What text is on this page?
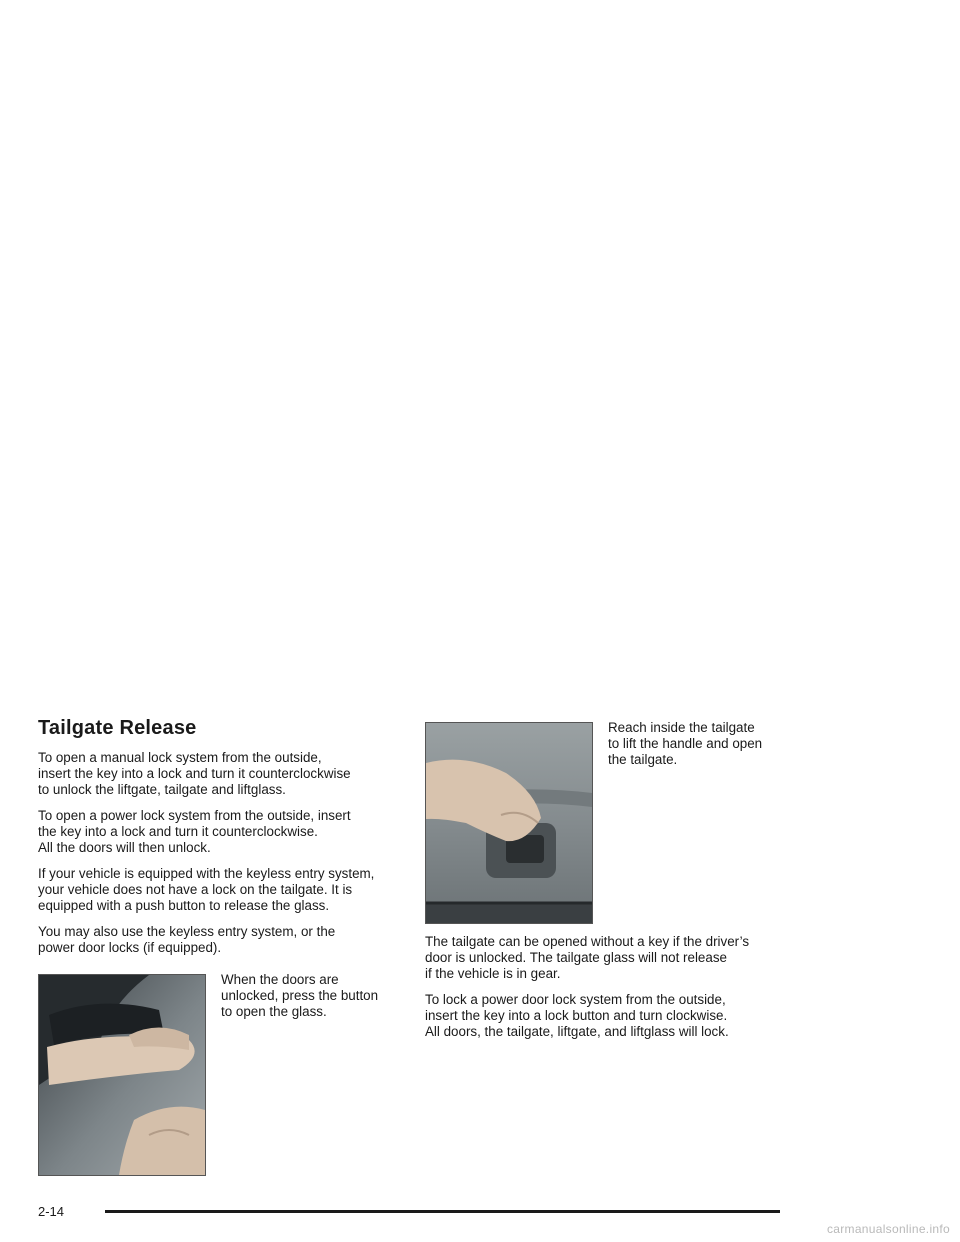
Tailgate Release

To open a manual lock system from the outside,
insert the key into a lock and turn it counterclockwise
to unlock the liftgate, tailgate and liftglass.

To open a power lock system from the outside, insert
the key into a lock and turn it counterclockwise.
All the doors will then unlock.

If your vehicle is equipped with the keyless entry system,
your vehicle does not have a lock on the tailgate. It is
equipped with a push button to release the glass.

You may also use the keyless entry system, or the
power door locks (if equipped).

When the doors are
unlocked, press the button
to open the glass.

Reach inside the tailgate
to lift the handle and open
the tailgate.

The tailgate can be opened without a key if the driver’s
door is unlocked. The tailgate glass will not release
if the vehicle is in gear.

To lock a power door lock system from the outside,
insert the key into a lock button and turn clockwise.
All doors, the tailgate, liftgate, and liftglass will lock.

2-14
carmanualsonline.info
